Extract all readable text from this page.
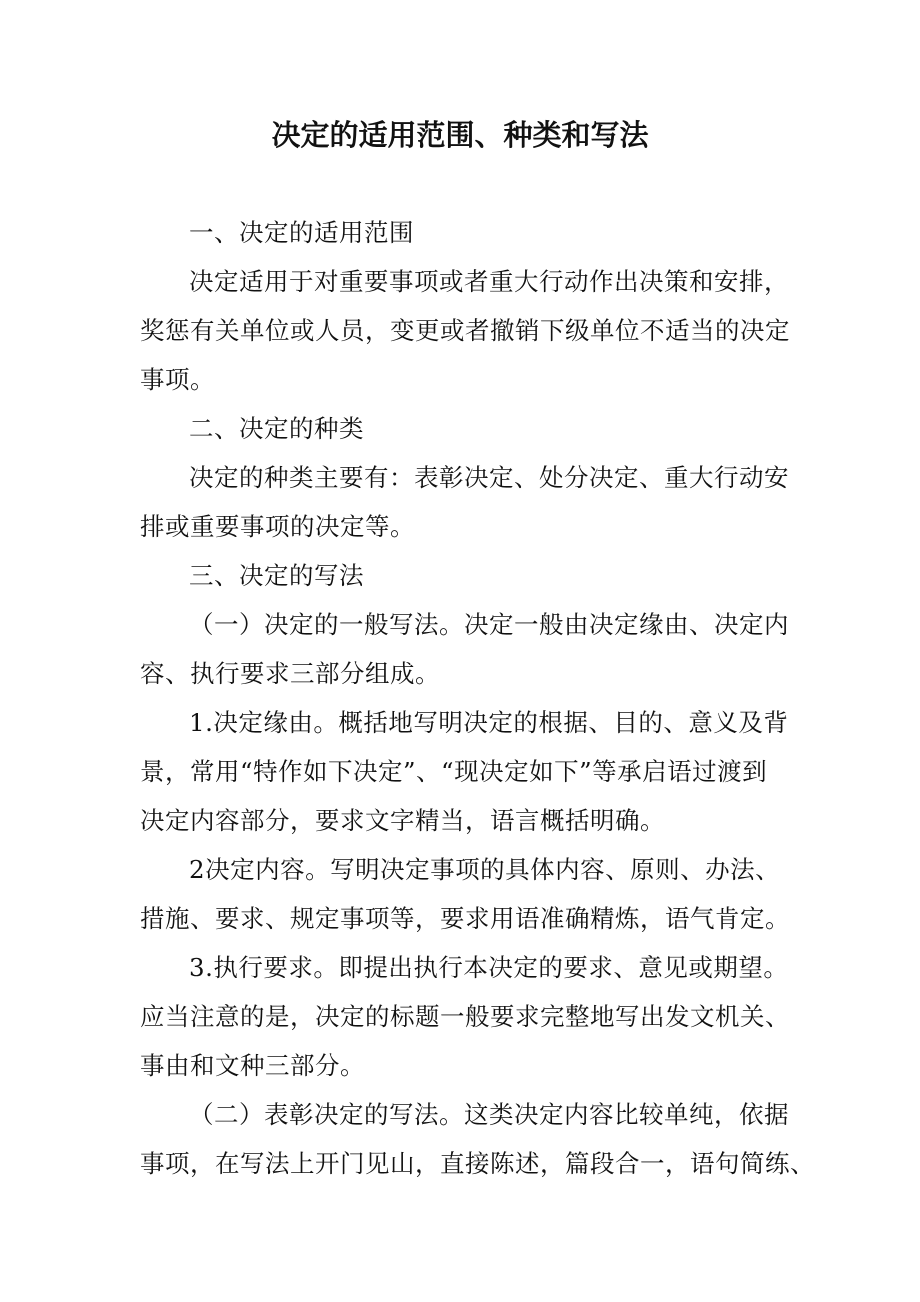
决定的适用范围、种类和写法
一、决定的适用范围
决定适用于对重要事项或者重大行动作出决策和安排，
奖惩有关单位或人员，变更或者撤销下级单位不适当的决定
事项。
二、决定的种类
决定的种类主要有：表彰决定、处分决定、重大行动安
排或重要事项的决定等。
三、决定的写法
（一）决定的一般写法。决定一般由决定缘由、决定内
容、执行要求三部分组成。
1.决定缘由。概括地写明决定的根据、目的、意义及背
景，常用“特作如下决定”、“现决定如下”等承启语过渡到
决定内容部分，要求文字精当，语言概括明确。
2决定内容。写明决定事项的具体内容、原则、办法、
措施、要求、规定事项等，要求用语准确精炼，语气肯定。
3.执行要求。即提出执行本决定的要求、意见或期望。
应当注意的是，决定的标题一般要求完整地写出发文机关、
事由和文种三部分。
（二）表彰决定的写法。这类决定内容比较单纯，依据
事项，在写法上开门见山，直接陈述，篇段合一，语句简练、
